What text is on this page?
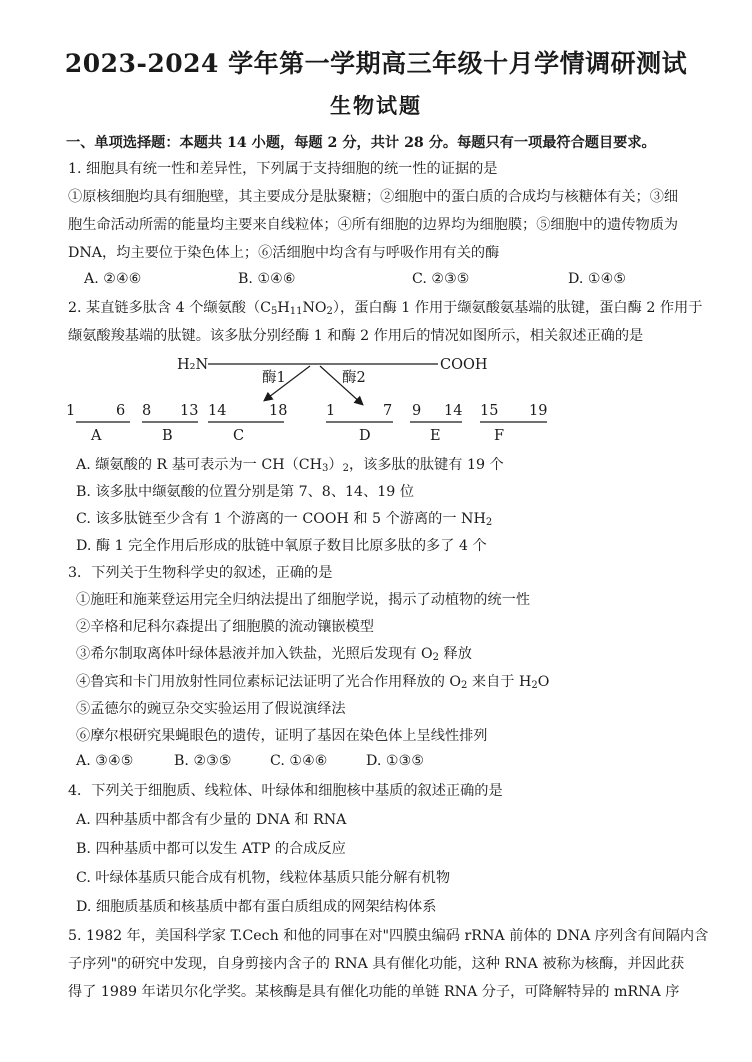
2023-2024 学年第一学期高三年级十月学情调研测试
生物试题
一、单项选择题：本题共 14 小题，每题 2 分，共计 28 分。每题只有一项最符合题目要求。
1. 细胞具有统一性和差异性，下列属于支持细胞的统一性的证据的是
①原核细胞均具有细胞壁，其主要成分是肽聚糖；②细胞中的蛋白质的合成均与核糖体有关；③细
胞生命活动所需的能量均主要来自线粒体；④所有细胞的边界均为细胞膜；⑤细胞中的遗传物质为
DNA，均主要位于染色体上；⑥活细胞中均含有与呼吸作用有关的酶
A. ②④⑥	B. ①④⑥	C. ②③⑤	D. ①④⑤
2. 某直链多肽含 4 个缬氨酸$(C_5H_{11}NO_2)$，蛋白酶 1 作用于缬氨酸氨基端的肽键，蛋白酶 2 作用于
缬氨酸羧基端的肽键。该多肽分别经酶 1 和酶 2 作用后的情况如图所示，相关叙述正确的是
H₂N	COOH
酶1	酶2
1	6 8 13 14	18	1	7 9 14 15 19
A	B	C	D	E	F
A. 缬氨酸的 R 基可表示为一 $CH(CH_3)_2$，该多肽的肽键有 19 个
B. 该多肽中缬氨酸的位置分别是第 7、8、14、19 位
C. 该多肽链至少含有 1 个游离的一 COOH 和 5 个游离的一 $NH_2$
D. 酶 1 完全作用后形成的肽链中氧原子数目比原多肽的多了 4 个
3．下列关于生物科学史的叙述，正确的是
①施旺和施莱登运用完全归纳法提出了细胞学说，揭示了动植物的统一性
②辛格和尼科尔森提出了细胞膜的流动镶嵌模型
③希尔制取离体叶绿体悬液并加入铁盐，光照后发现有 $O_2$ 释放
④鲁宾和卡门用放射性同位素标记法证明了光合作用释放的 $O_2$ 来自于 $H_2O$
⑤孟德尔的豌豆杂交实验运用了假说演绎法
⑥摩尔根研究果蝇眼色的遗传，证明了基因在染色体上呈线性排列
A. ③④⑤	B. ②③⑤	C. ①④⑥	D. ①③⑤
4．下列关于细胞质、线粒体、叶绿体和细胞核中基质的叙述正确的是
A. 四种基质中都含有少量的 DNA 和 RNA
B. 四种基质中都可以发生 ATP 的合成反应
C. 叶绿体基质只能合成有机物，线粒体基质只能分解有机物
D. 细胞质基质和核基质中都有蛋白质组成的网架结构体系
5. 1982 年，美国科学家 T.Cech 和他的同事在对"四膜虫编码 rRNA 前体的 DNA 序列含有间隔内含
子序列"的研究中发现，自身剪接内含子的 RNA 具有催化功能，这种 RNA 被称为核酶，并因此获
得了 1989 年诺贝尔化学奖。某核酶是具有催化功能的单链 RNA 分子，可降解特异的 mRNA 序
